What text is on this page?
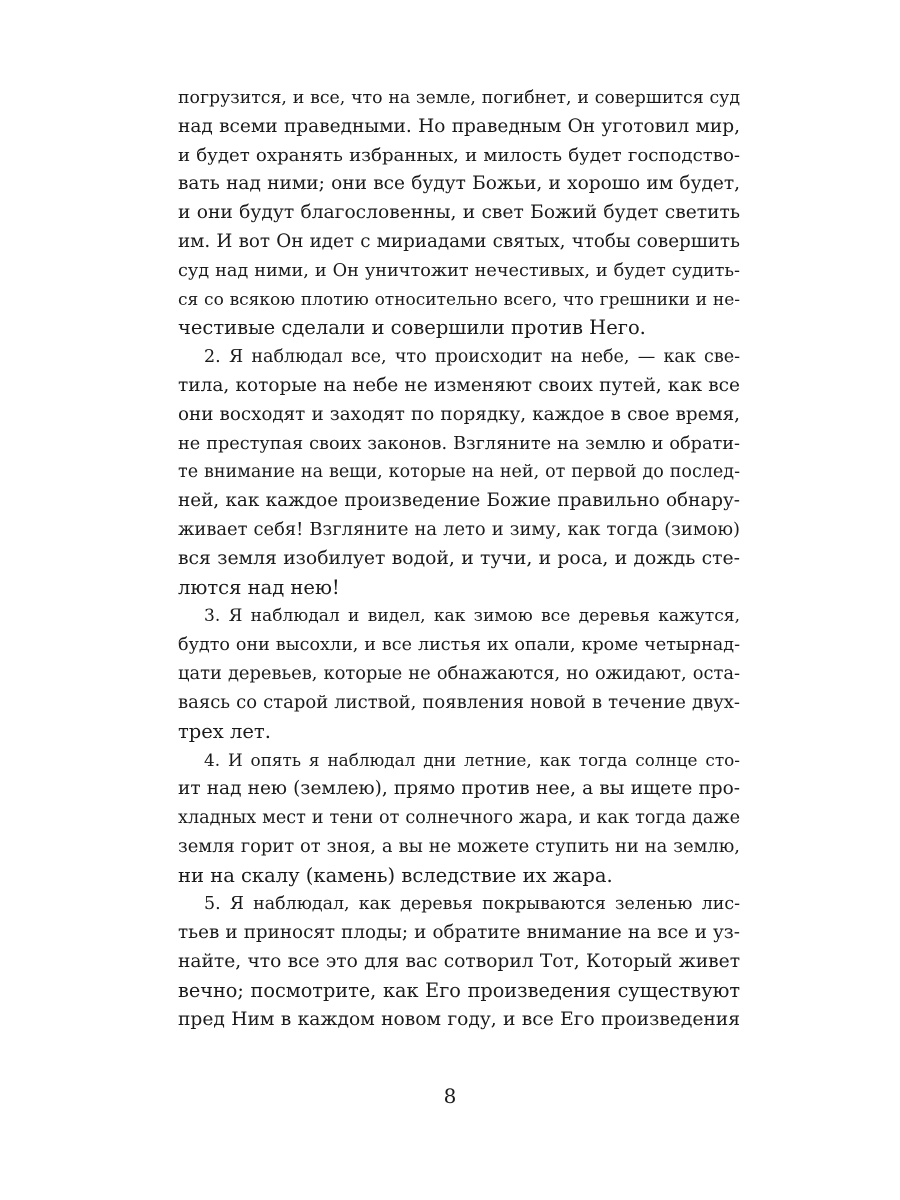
погрузится, и все, что на земле, погибнет, и совершится суд
над всеми праведными. Но праведным Он уготовил мир,
и будет охранять избранных, и милость будет господство-
вать над ними; они все будут Божьи, и хорошо им будет,
и они будут благословенны, и свет Божий будет светить
им. И вот Он идет с мириадами святых, чтобы совершить
суд над ними, и Он уничтожит нечестивых, и будет судить-
ся со всякою плотию относительно всего, что грешники и не-
честивые сделали и совершили против Него.

2. Я наблюдал все, что происходит на небе, — как све-
тила, которые на небе не изменяют своих путей, как все
они восходят и заходят по порядку, каждое в свое время,
не преступая своих законов. Взгляните на землю и обрати-
те внимание на вещи, которые на ней, от первой до послед-
ней, как каждое произведение Божие правильно обнару-
живает себя! Взгляните на лето и зиму, как тогда (зимою)
вся земля изобилует водой, и тучи, и роса, и дождь сте-
лются над нею!

3. Я наблюдал и видел, как зимою все деревья кажутся,
будто они высохли, и все листья их опали, кроме четырнад-
цати деревьев, которые не обнажаются, но ожидают, оста-
ваясь со старой листвой, появления новой в течение двух-
трех лет.

4. И опять я наблюдал дни летние, как тогда солнце сто-
ит над нею (землею), прямо против нее, а вы ищете про-
хладных мест и тени от солнечного жара, и как тогда даже
земля горит от зноя, а вы не можете ступить ни на землю,
ни на скалу (камень) вследствие их жара.

5. Я наблюдал, как деревья покрываются зеленью лис-
тьев и приносят плоды; и обратите внимание на все и уз-
найте, что все это для вас сотворил Тот, Который живет
вечно; посмотрите, как Его произведения существуют
пред Ним в каждом новом году, и все Его произведения

8
